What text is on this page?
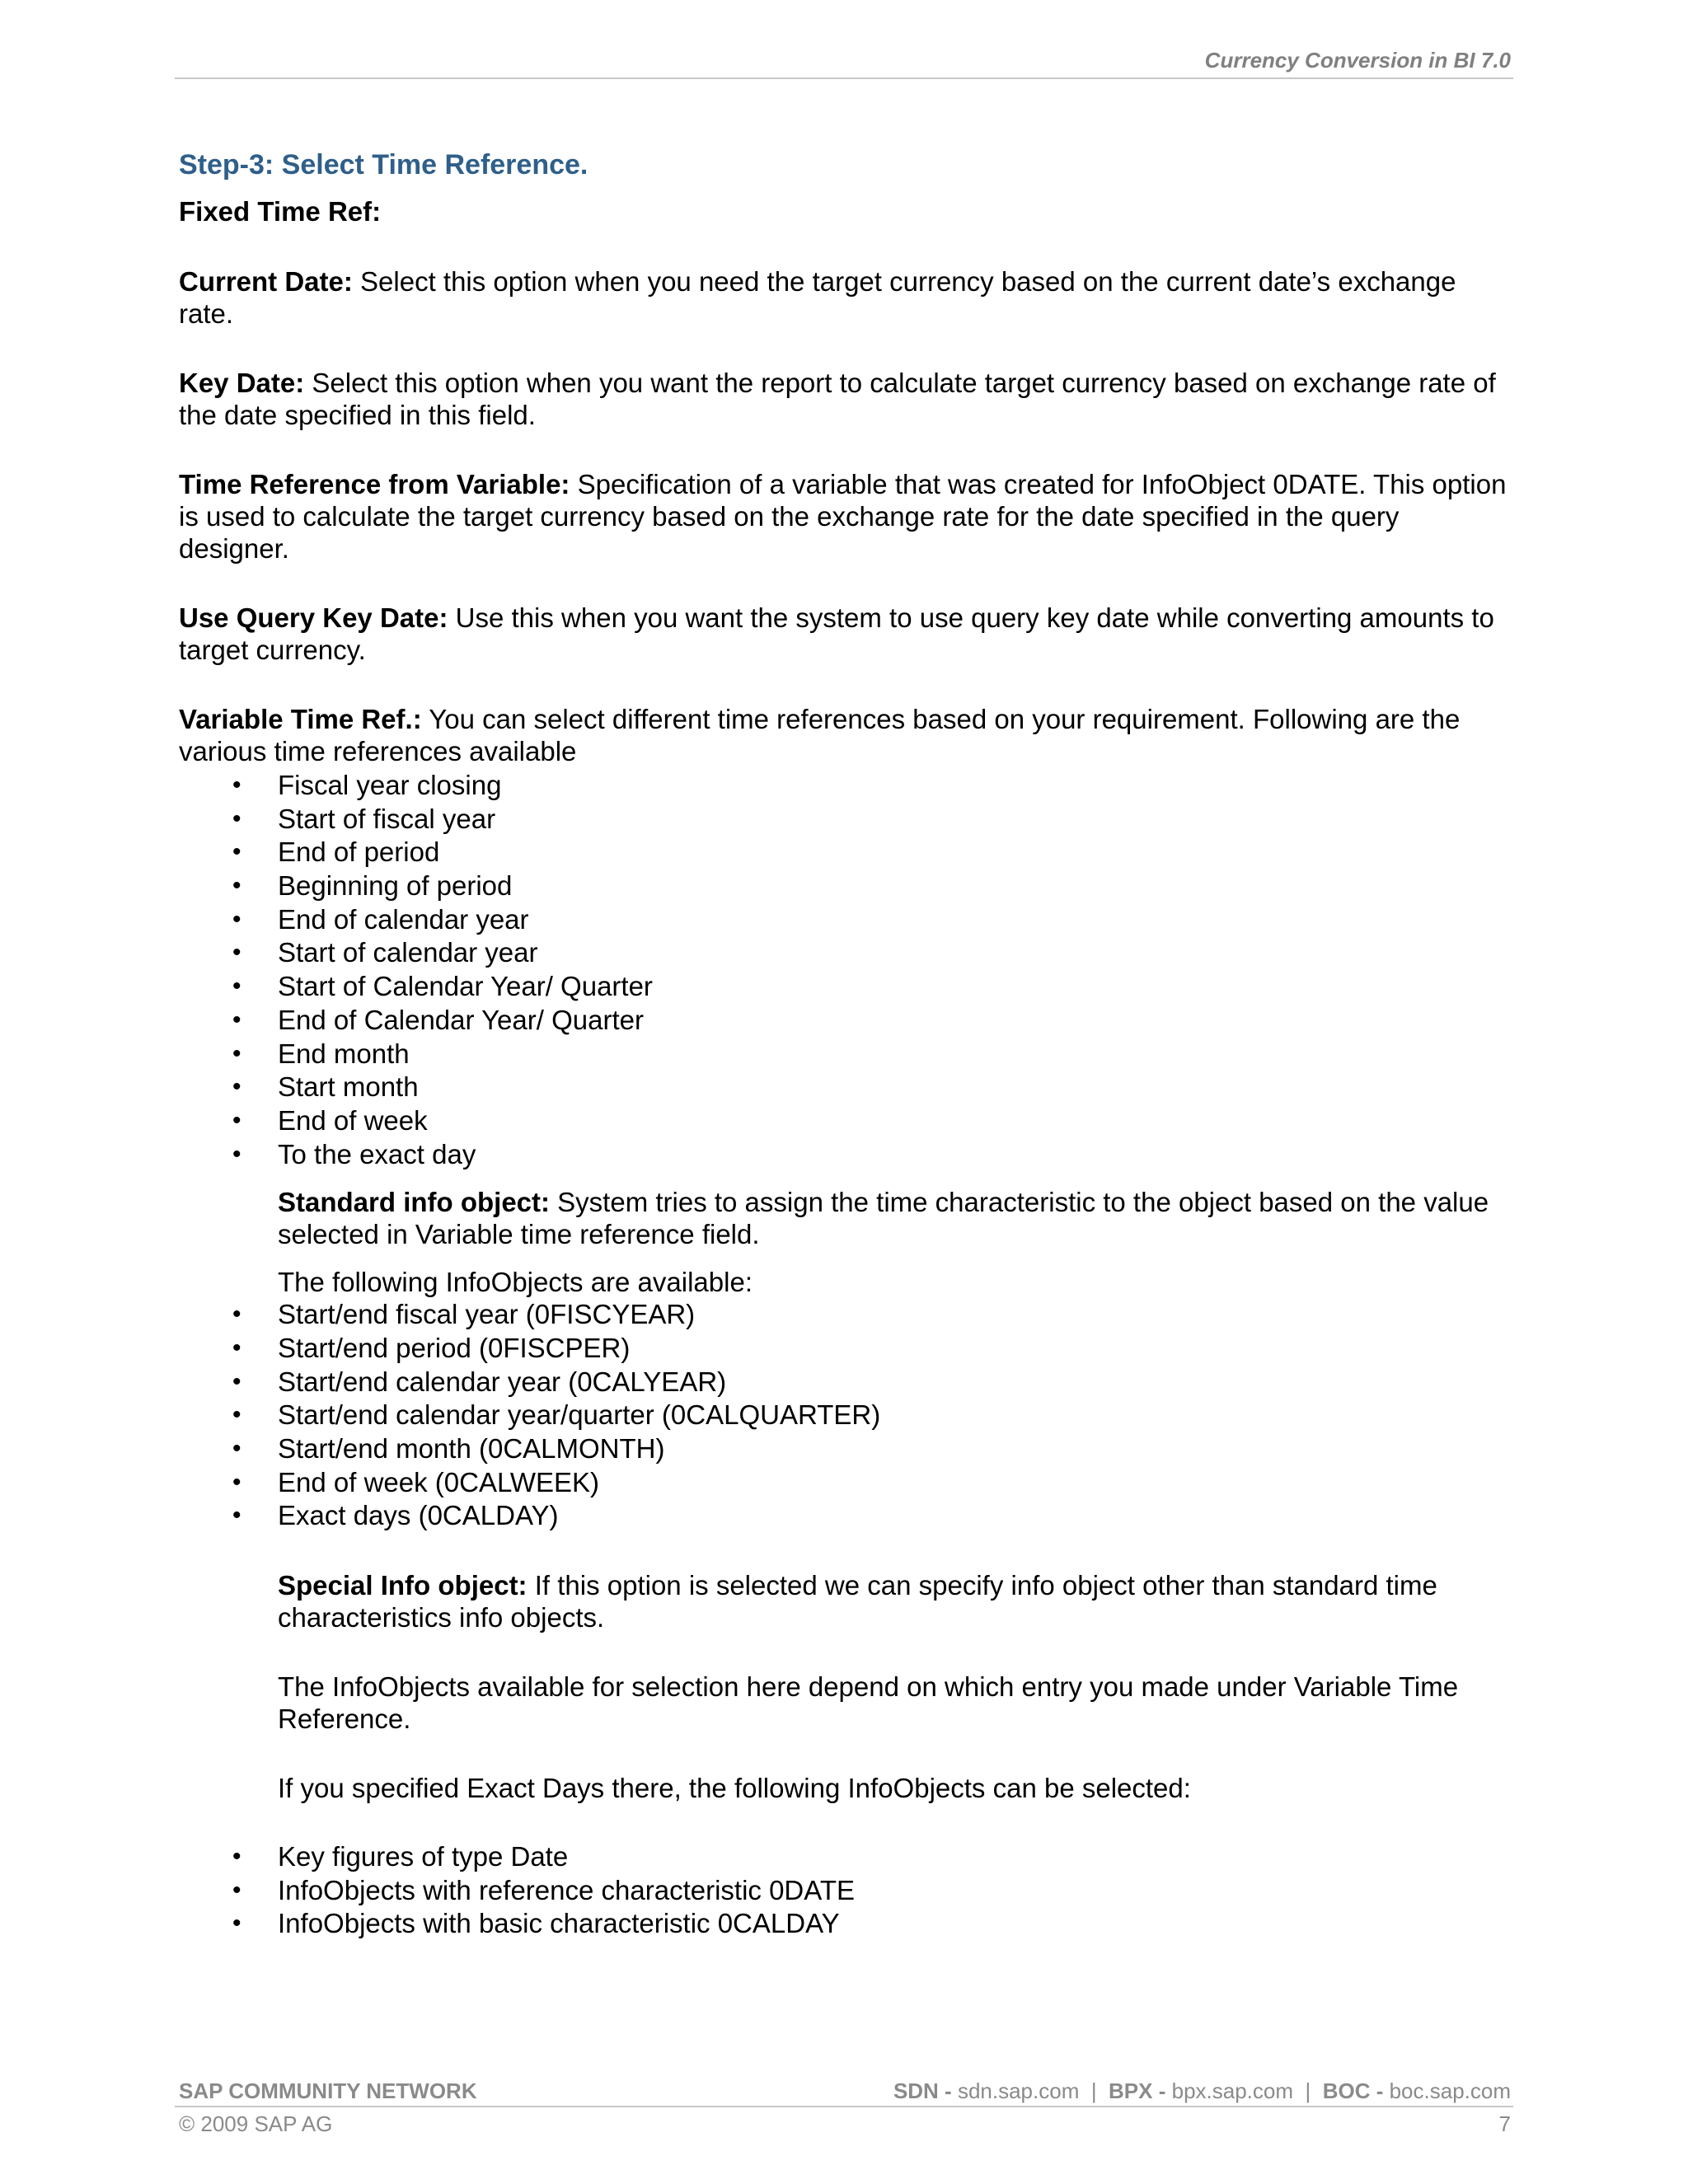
Currency Conversion in BI 7.0
Step-3: Select Time Reference.

Fixed Time Ref:

Current Date: Select this option when you need the target currency based on the current date’s exchange rate.

Key Date: Select this option when you want the report to calculate target currency based on exchange rate of the date specified in this field.

Time Reference from Variable: Specification of a variable that was created for InfoObject 0DATE. This option is used to calculate the target currency based on the exchange rate for the date specified in the query designer.

Use Query Key Date: Use this when you want the system to use query key date while converting amounts to target currency.

Variable Time Ref.: You can select different time references based on your requirement. Following are the various time references available

• Fiscal year closing
• Start of fiscal year
• End of period
• Beginning of period
• End of calendar year
• Start of calendar year
• Start of Calendar Year/ Quarter
• End of Calendar Year/ Quarter
• End month
• Start month
• End of week
• To the exact day

Standard info object: System tries to assign the time characteristic to the object based on the value selected in Variable time reference field.

The following InfoObjects are available:

• Start/end fiscal year (0FISCYEAR)
• Start/end period (0FISCPER)
• Start/end calendar year (0CALYEAR)
• Start/end calendar year/quarter (0CALQUARTER)
• Start/end month (0CALMONTH)
• End of week (0CALWEEK)
• Exact days (0CALDAY)

Special Info object: If this option is selected we can specify info object other than standard time characteristics info objects.

The InfoObjects available for selection here depend on which entry you made under Variable Time Reference.

If you specified Exact Days there, the following InfoObjects can be selected:

• Key figures of type Date
• InfoObjects with reference characteristic 0DATE
• InfoObjects with basic characteristic 0CALDAY
SAP COMMUNITY NETWORK	SDN - sdn.sap.com | BPX - bpx.sap.com | BOC - boc.sap.com
© 2009 SAP AG	7
